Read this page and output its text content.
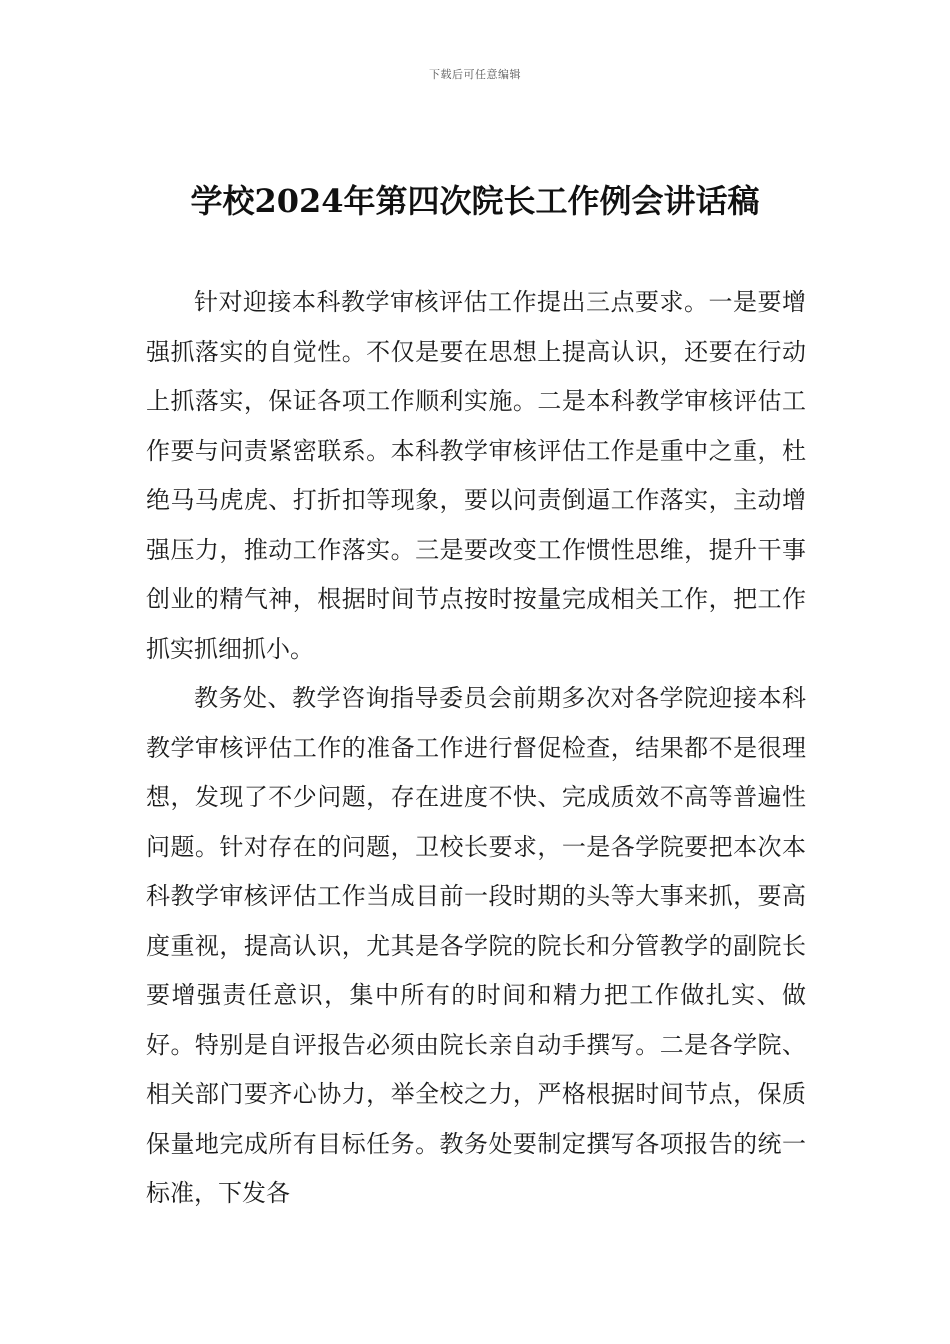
下载后可任意编辑
学校2024年第四次院长工作例会讲话稿

针对迎接本科教学审核评估工作提出三点要求。一是要增强抓落实的自觉性。不仅是要在思想上提高认识，还要在行动上抓落实，保证各项工作顺利实施。二是本科教学审核评估工作要与问责紧密联系。本科教学审核评估工作是重中之重，杜绝马马虎虎、打折扣等现象，要以问责倒逼工作落实，主动增强压力，推动工作落实。三是要改变工作惯性思维，提升干事创业的精气神，根据时间节点按时按量完成相关工作，把工作抓实抓细抓小。

教务处、教学咨询指导委员会前期多次对各学院迎接本科教学审核评估工作的准备工作进行督促检查，结果都不是很理想，发现了不少问题，存在进度不快、完成质效不高等普遍性问题。针对存在的问题，卫校长要求，一是各学院要把本次本科教学审核评估工作当成目前一段时期的头等大事来抓，要高度重视，提高认识，尤其是各学院的院长和分管教学的副院长要增强责任意识，集中所有的时间和精力把工作做扎实、做好。特别是自评报告必须由院长亲自动手撰写。二是各学院、相关部门要齐心协力，举全校之力，严格根据时间节点，保质保量地完成所有目标任务。教务处要制定撰写各项报告的统一标准，下发各
